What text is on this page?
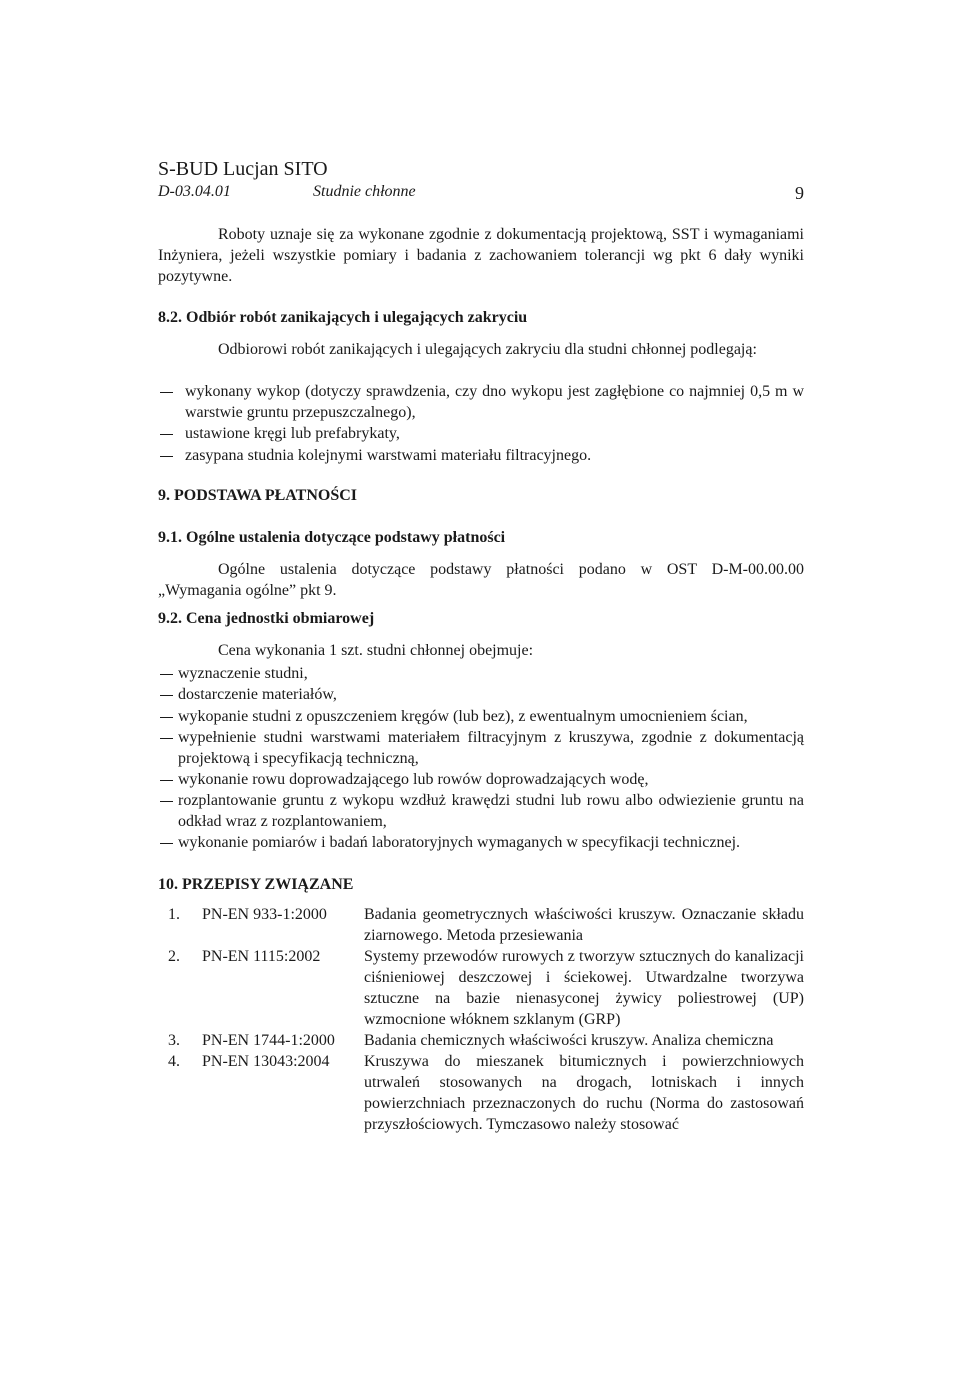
S-BUD Lucjan SITO
D-03.04.01	Studnie chłonne	9

Roboty uznaje się za wykonane zgodnie z dokumentacją projektową, SST i wymaganiami Inżyniera, jeżeli wszystkie pomiary i badania z zachowaniem tolerancji wg pkt 6 dały wyniki pozytywne.

8.2. Odbiór robót zanikających i ulegających zakryciu

Odbiorowi robót zanikających i ulegających zakryciu dla studni chłonnej podlegają:

wykonany wykop (dotyczy sprawdzenia, czy dno wykopu jest zagłębione co najmniej 0,5 m w warstwie gruntu przepuszczalnego),
ustawione kręgi lub prefabrykaty,
zasypana studnia kolejnymi warstwami materiału filtracyjnego.
9. PODSTAWA PŁATNOŚCI
9.1. Ogólne ustalenia dotyczące podstawy płatności

Ogólne ustalenia dotyczące podstawy płatności podano w OST D-M-00.00.00 „Wymagania ogólne” pkt 9.

9.2. Cena jednostki obmiarowej

Cena wykonania 1 szt. studni chłonnej obejmuje:

wyznaczenie studni,
dostarczenie materiałów,
wykopanie studni z opuszczeniem kręgów (lub bez), z ewentualnym umocnieniem ścian,
wypełnienie studni warstwami materiałem filtracyjnym z kruszywa, zgodnie z dokumentacją projektową i specyfikacją techniczną,
wykonanie rowu doprowadzającego lub rowów doprowadzających wodę,
rozplantowanie gruntu z wykopu wzdłuż krawędzi studni lub rowu albo odwiezienie gruntu na odkład wraz z rozplantowaniem,
wykonanie pomiarów i badań laboratoryjnych wymaganych w specyfikacji technicznej.
10. PRZEPISY ZWIĄZANE
1.	PN-EN 933-1:2000	Badania geometrycznych właściwości kruszyw. Oznaczanie składu ziarnowego. Metoda przesiewania
2.	PN-EN 1115:2002	Systemy przewodów rurowych z tworzyw sztucznych do kanalizacji ciśnieniowej deszczowej i ściekowej. Utwardzalne tworzywa sztuczne na bazie nienasyconej żywicy poliestrowej (UP) wzmocnione włóknem szklanym (GRP)
3.	PN-EN 1744-1:2000	Badania chemicznych właściwości kruszyw. Analiza chemiczna
4.	PN-EN 13043:2004	Kruszywa do mieszanek bitumicznych i powierzchniowych utrwaleń stosowanych na drogach, lotniskach i innych powierzchniach przeznaczonych do ruchu (Norma do zastosowań przyszłościowych. Tymczasowo należy stosować
